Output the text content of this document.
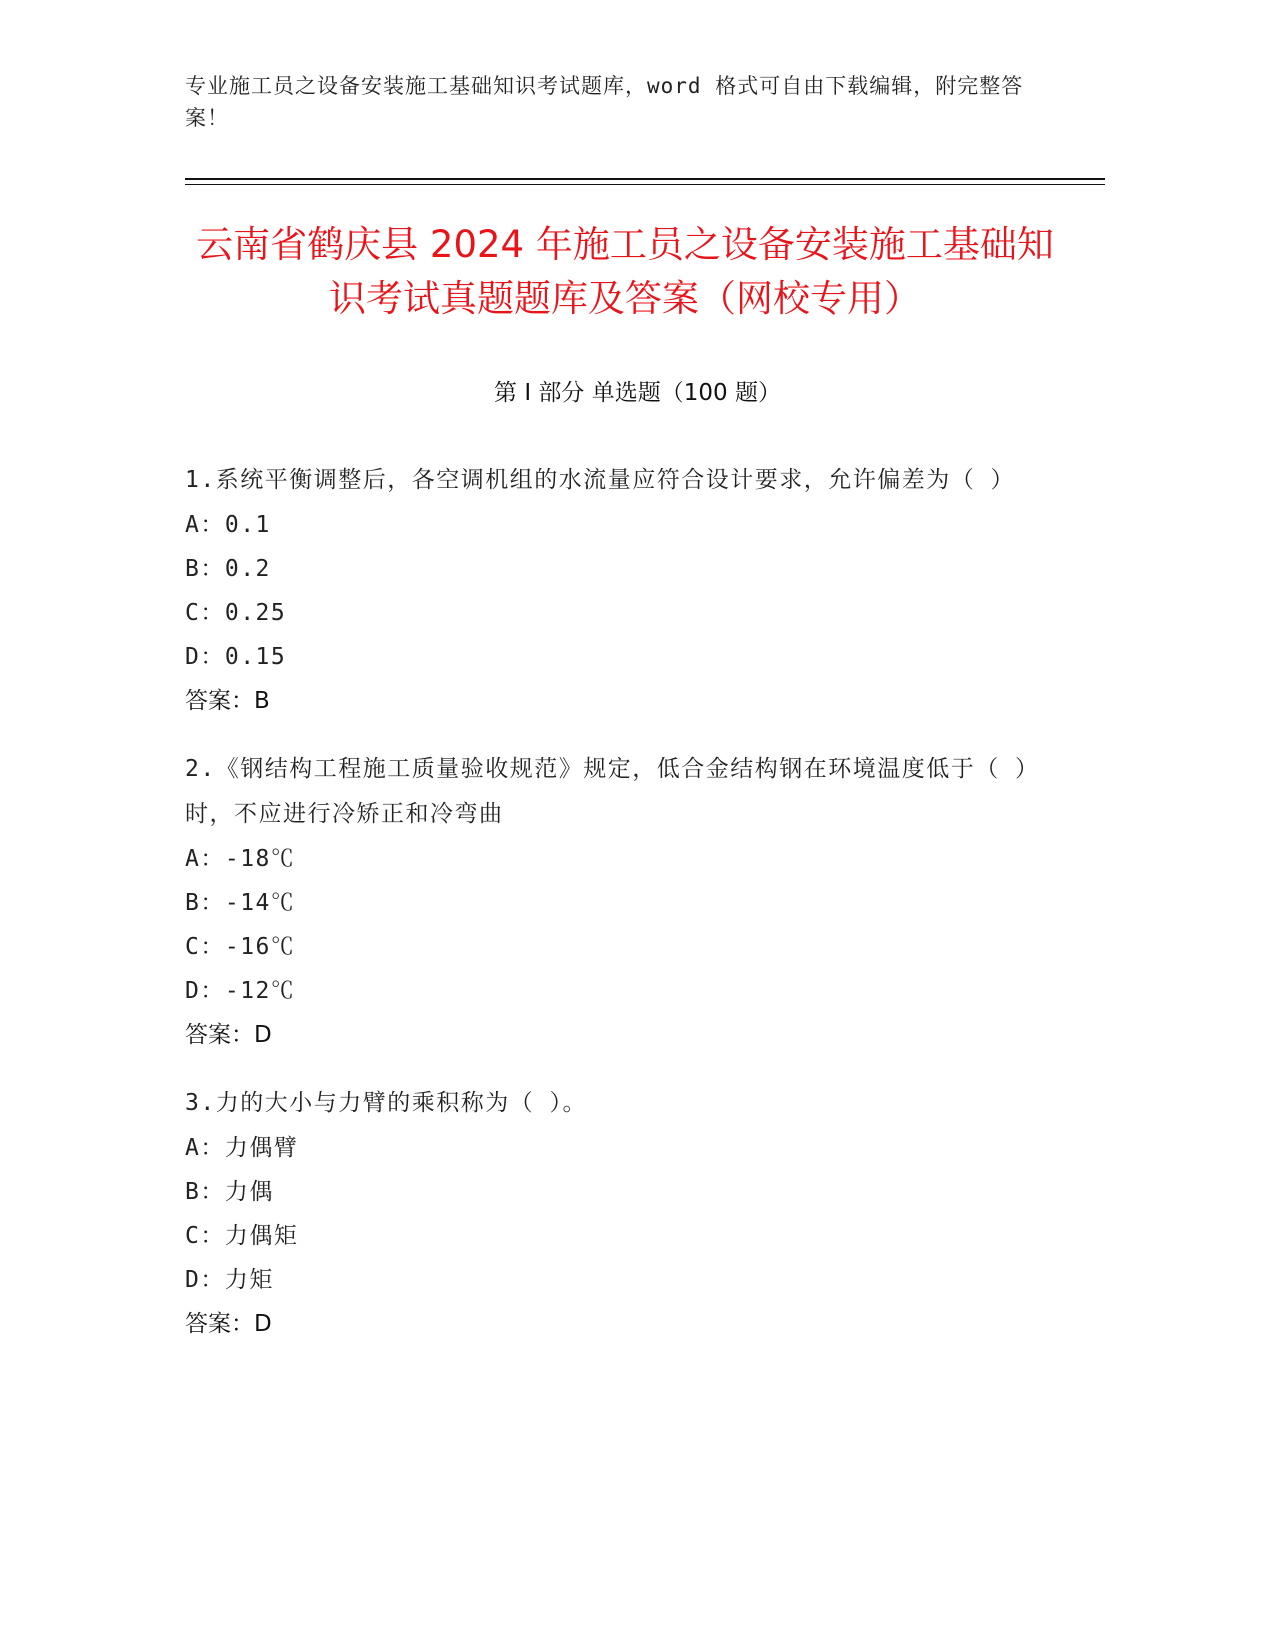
专业施工员之设备安装施工基础知识考试题库，word 格式可自由下载编辑，附完整答案！
云南省鹤庆县 2024 年施工员之设备安装施工基础知识考试真题题库及答案（网校专用）
第 I 部分 单选题（100 题）
1.系统平衡调整后，各空调机组的水流量应符合设计要求，允许偏差为（ ）
A：0.1
B：0.2
C：0.25
D：0.15
答案：B
2.《钢结构工程施工质量验收规范》规定，低合金结构钢在环境温度低于（ ）时，不应进行冷矫正和冷弯曲
A：-18℃
B：-14℃
C：-16℃
D：-12℃
答案：D
3.力的大小与力臂的乘积称为（ ）。
A：力偶臂
B：力偶
C：力偶矩
D：力矩
答案：D
